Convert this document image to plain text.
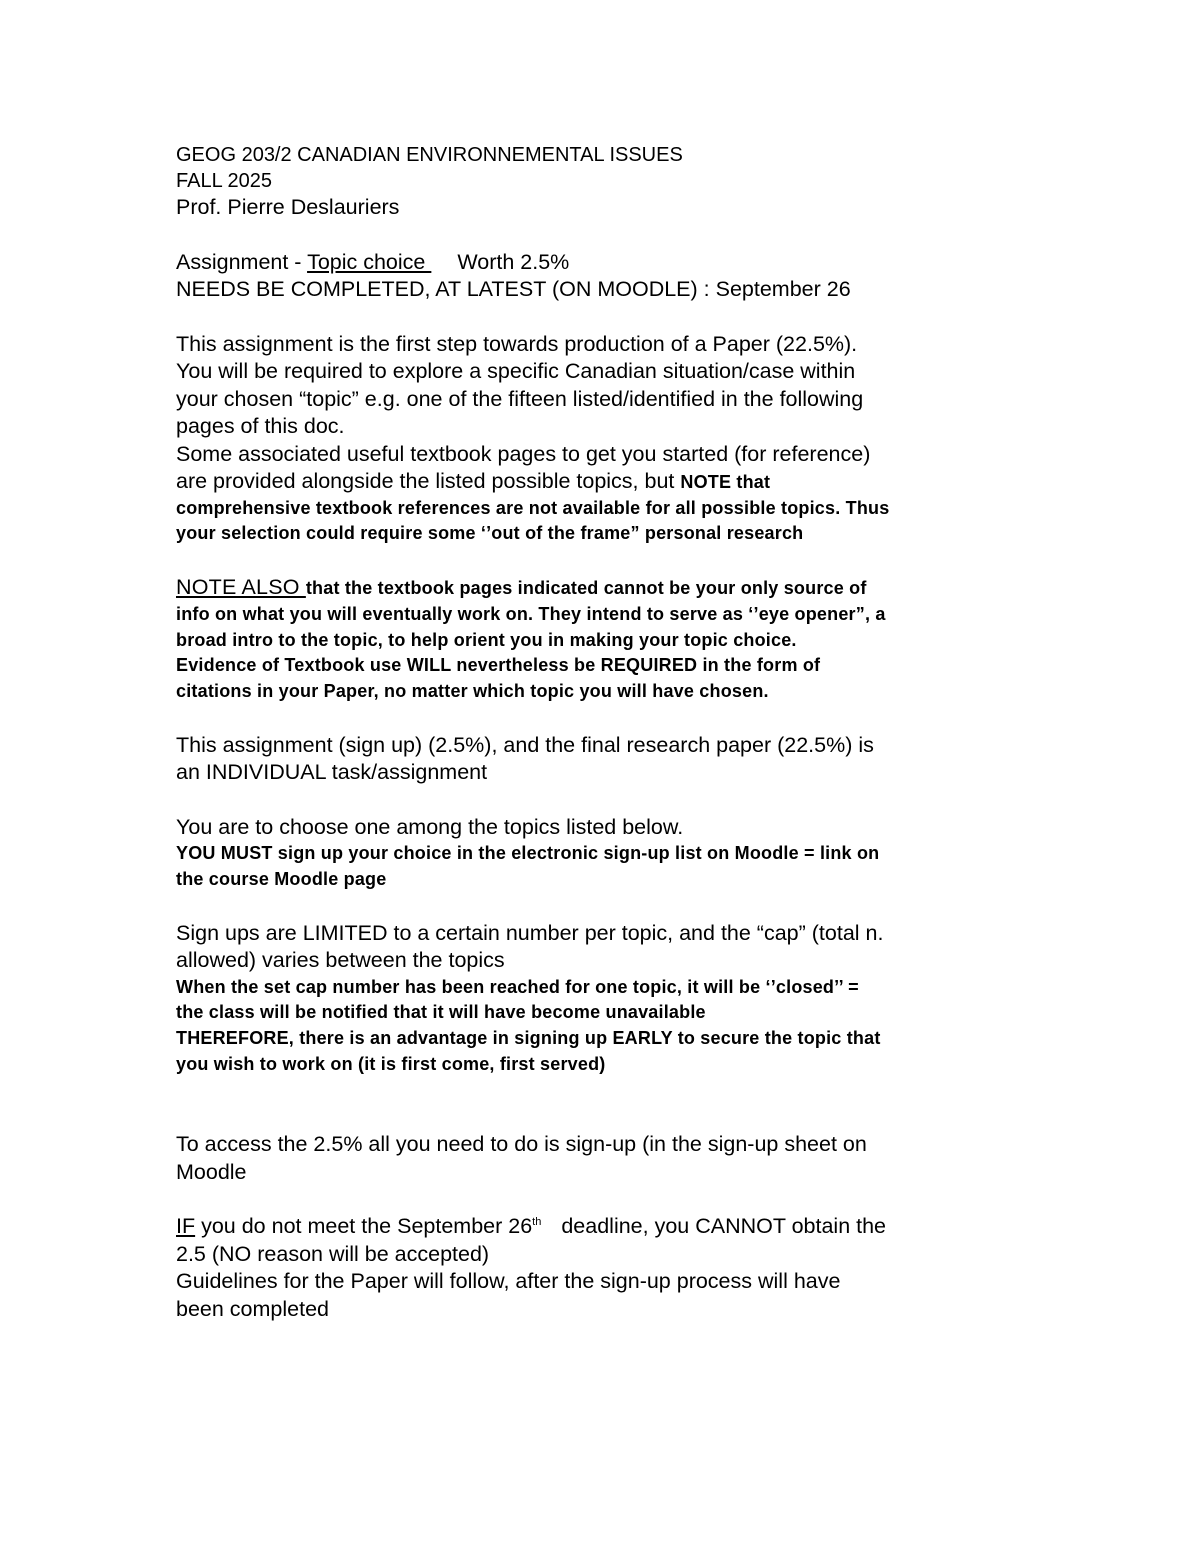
GEOG 203/2 CANADIAN ENVIRONNEMENTAL ISSUES
FALL 2025
Prof. Pierre Deslauriers
Assignment - Topic choice Worth 2.5%
NEEDS BE COMPLETED, AT LATEST (ON MOODLE) : September 26
This assignment is the first step towards production of a Paper (22.5%).
You will be required to explore a specific Canadian situation/case within
your chosen “topic” e.g. one of the fifteen listed/identified in the following
pages of this doc.
Some associated useful textbook pages to get you started (for reference)
are provided alongside the listed possible topics, but NOTE that
comprehensive textbook references are not available for all possible topics. Thus
your selection could require some ‘’out of the frame” personal research
NOTE ALSO that the textbook pages indicated cannot be your only source of
info on what you will eventually work on. They intend to serve as ‘’eye opener”, a
broad intro to the topic, to help orient you in making your topic choice.
Evidence of Textbook use WILL nevertheless be REQUIRED in the form of
citations in your Paper, no matter which topic you will have chosen.
This assignment (sign up) (2.5%), and the final research paper (22.5%) is
an INDIVIDUAL task/assignment
You are to choose one among the topics listed below.
YOU MUST sign up your choice in the electronic sign-up list on Moodle = link on
the course Moodle page
Sign ups are LIMITED to a certain number per topic, and the “cap” (total n.
allowed) varies between the topics
When the set cap number has been reached for one topic, it will be ‘’closed’’ =
the class will be notified that it will have become unavailable
THEREFORE, there is an advantage in signing up EARLY to secure the topic that
you wish to work on (it is first come, first served)
To access the 2.5% all you need to do is sign-up (in the sign-up sheet on
Moodle
IF you do not meet the September 26th deadline, you CANNOT obtain the
2.5 (NO reason will be accepted)
Guidelines for the Paper will follow, after the sign-up process will have
been completed
